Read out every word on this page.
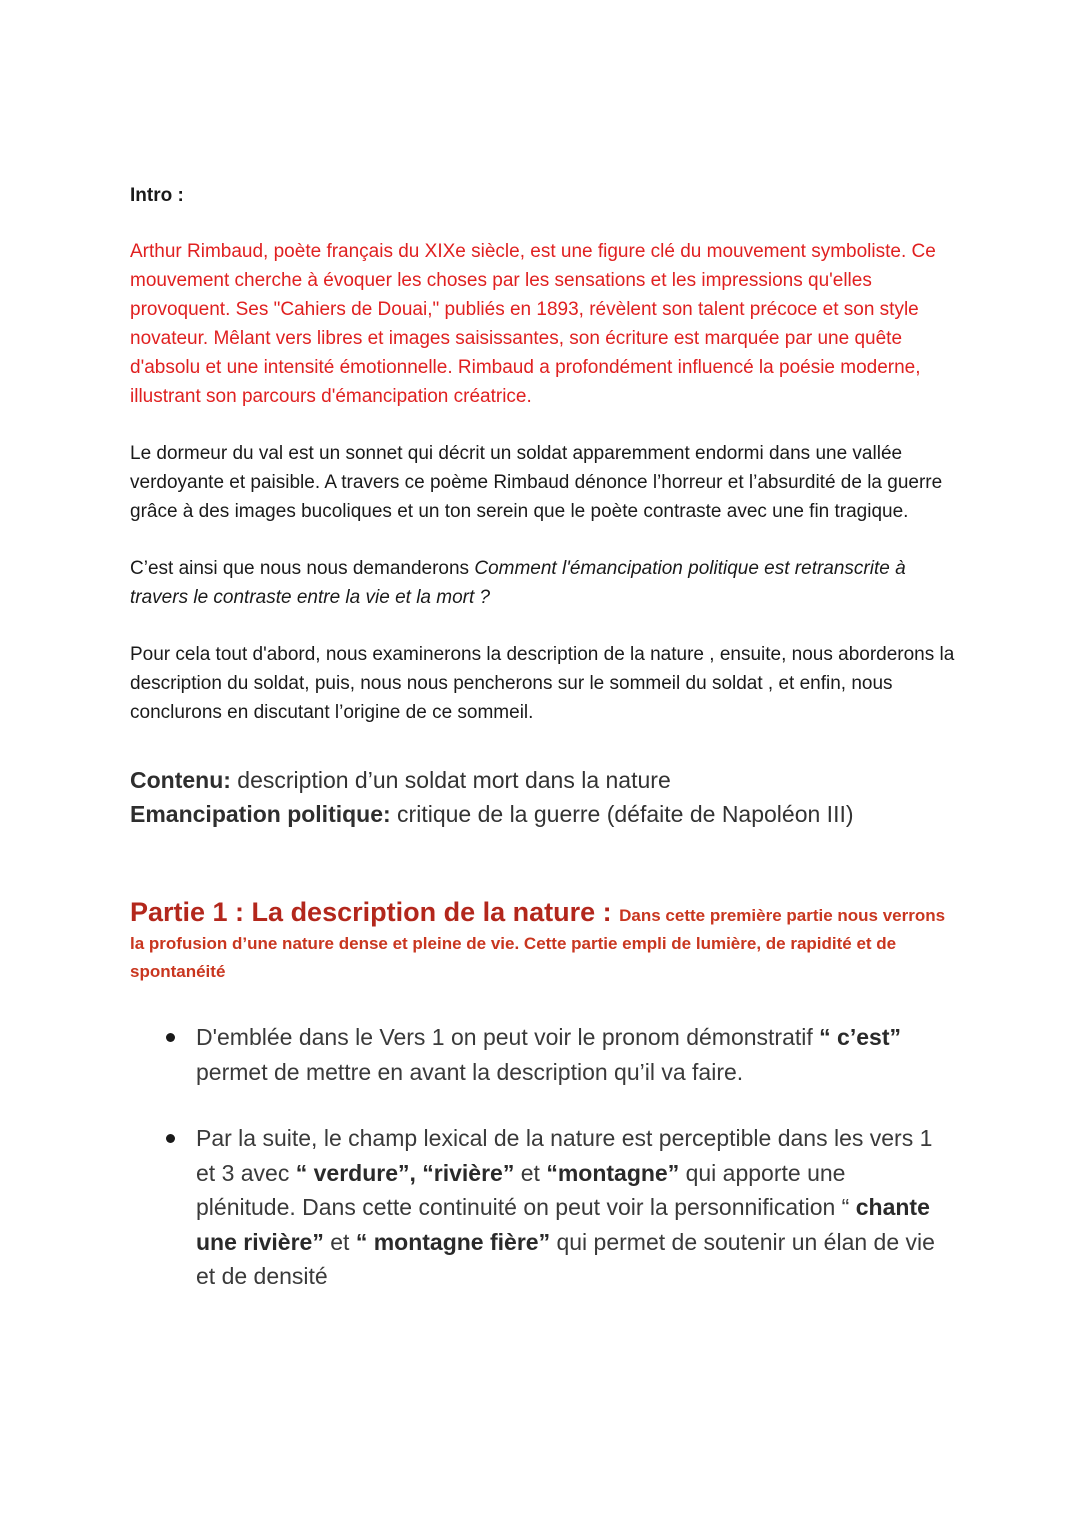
Intro :

Arthur Rimbaud, poète français du XIXe siècle, est une figure clé du mouvement symboliste. Ce mouvement cherche à évoquer les choses par les sensations et les impressions qu'elles provoquent. Ses "Cahiers de Douai," publiés en 1893, révèlent son talent précoce et son style novateur. Mêlant vers libres et images saisissantes, son écriture est marquée par une quête d'absolu et une intensité émotionnelle. Rimbaud a profondément influencé la poésie moderne, illustrant son parcours d'émancipation créatrice.

Le dormeur du val est un sonnet qui décrit un soldat apparemment endormi dans une vallée verdoyante et paisible. A travers ce poème Rimbaud dénonce l’horreur et l’absurdité de la guerre grâce à des images bucoliques et un ton serein que le poète contraste avec une fin tragique.

C’est ainsi que nous nous demanderons Comment l'émancipation politique est retranscrite à travers le contraste entre la vie et la mort ?

Pour cela tout d'abord, nous examinerons la description de la nature , ensuite, nous aborderons la description du soldat, puis, nous nous pencherons sur le sommeil du soldat , et enfin, nous conclurons en discutant l’origine de ce sommeil.

Contenu: description d’un soldat mort dans la nature
Emancipation politique: critique de la guerre (défaite de Napoléon III)
Partie 1 : La description de la nature : Dans cette première partie nous verrons la profusion d’une nature dense et pleine de vie. Cette partie empli de lumière, de rapidité et de spontanéité
D'emblée dans le Vers 1 on peut voir le pronom démonstratif “ c’est” permet de mettre en avant la description qu’il va faire.
Par la suite, le champ lexical de la nature est perceptible dans les vers 1 et 3 avec “ verdure”, “rivière” et “montagne” qui apporte une plénitude. Dans cette continuité on peut voir la personnification “ chante une rivière” et “ montagne fière” qui permet de soutenir un élan de vie et de densité
